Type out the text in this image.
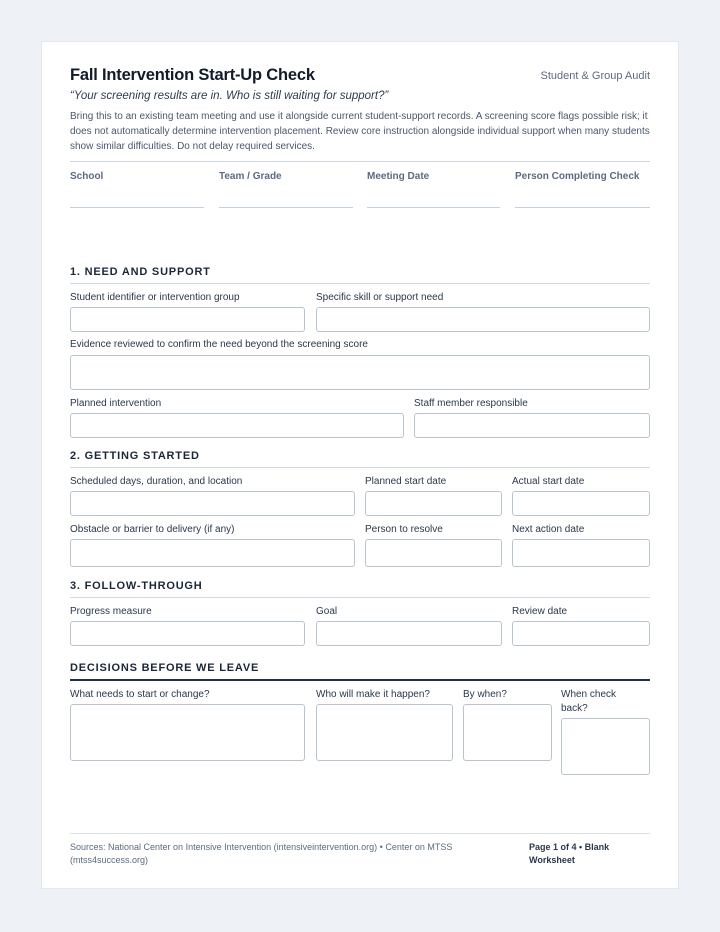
Fall Intervention Start-Up Check	Student & Group Audit
“Your screening results are in. Who is still waiting for support?”
Bring this to an existing team meeting and use it alongside current student-support records. A screening score flags possible risk; it does not automatically determine intervention placement. Review core instruction alongside individual support when many students show similar difficulties. Do not delay required services.
School	Team / Grade	Meeting Date	Person Completing Check
1. NEED AND SUPPORT
Student identifier or intervention group	Specific skill or support need
Evidence reviewed to confirm the need beyond the screening score
Planned intervention	Staff member responsible
2. GETTING STARTED
Scheduled days, duration, and location	Planned start date	Actual start date
Obstacle or barrier to delivery (if any)	Person to resolve	Next action date
3. FOLLOW-THROUGH
Progress measure	Goal	Review date
DECISIONS BEFORE WE LEAVE
What needs to start or change?	Who will make it happen?	By when?	When check back?
Sources: National Center on Intensive Intervention (intensiveintervention.org) • Center on MTSS (mtss4success.org)
Page 1 of 4 • Blank Worksheet
